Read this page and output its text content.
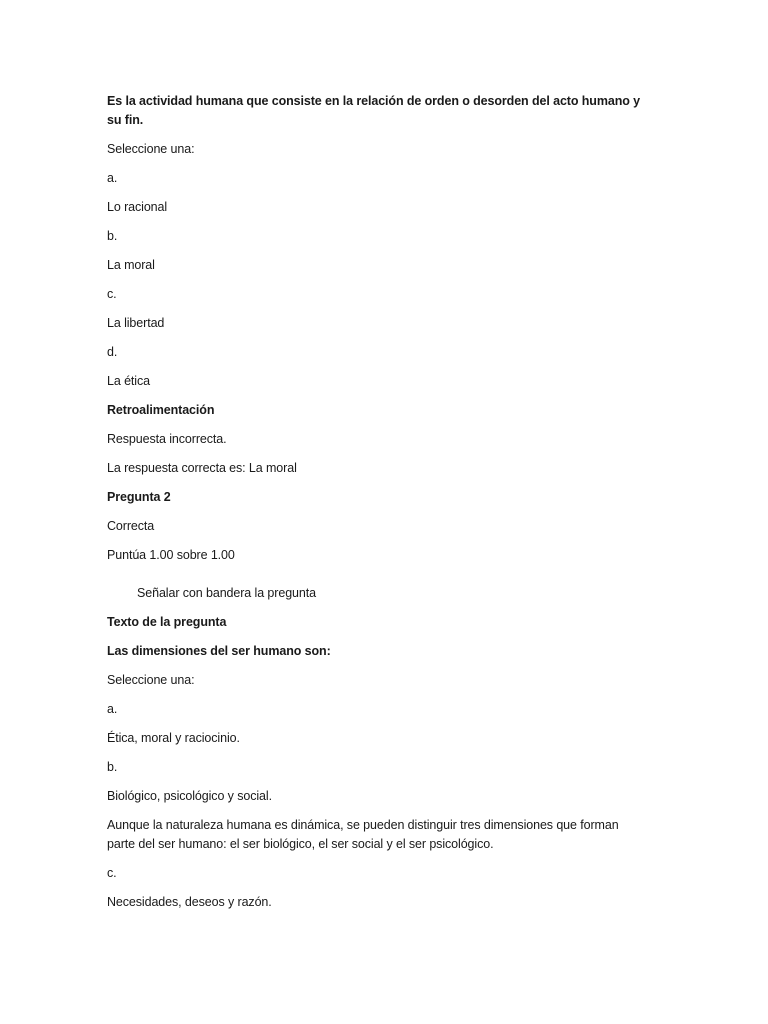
Es la actividad humana que consiste en la relación de orden o desorden del acto humano y su fin.

Seleccione una:

a.

Lo racional

b.

La moral

c.

La libertad

d.

La ética

Retroalimentación

Respuesta incorrecta.

La respuesta correcta es: La moral

Pregunta 2

Correcta

Puntúa 1.00 sobre 1.00

Señalar con bandera la pregunta

Texto de la pregunta

Las dimensiones del ser humano son:

Seleccione una:

a.

Ética, moral y raciocinio.

b.

Biológico, psicológico y social.

Aunque la naturaleza humana es dinámica, se pueden distinguir tres dimensiones que forman parte del ser humano: el ser biológico, el ser social y el ser psicológico.

c.

Necesidades, deseos y razón.
